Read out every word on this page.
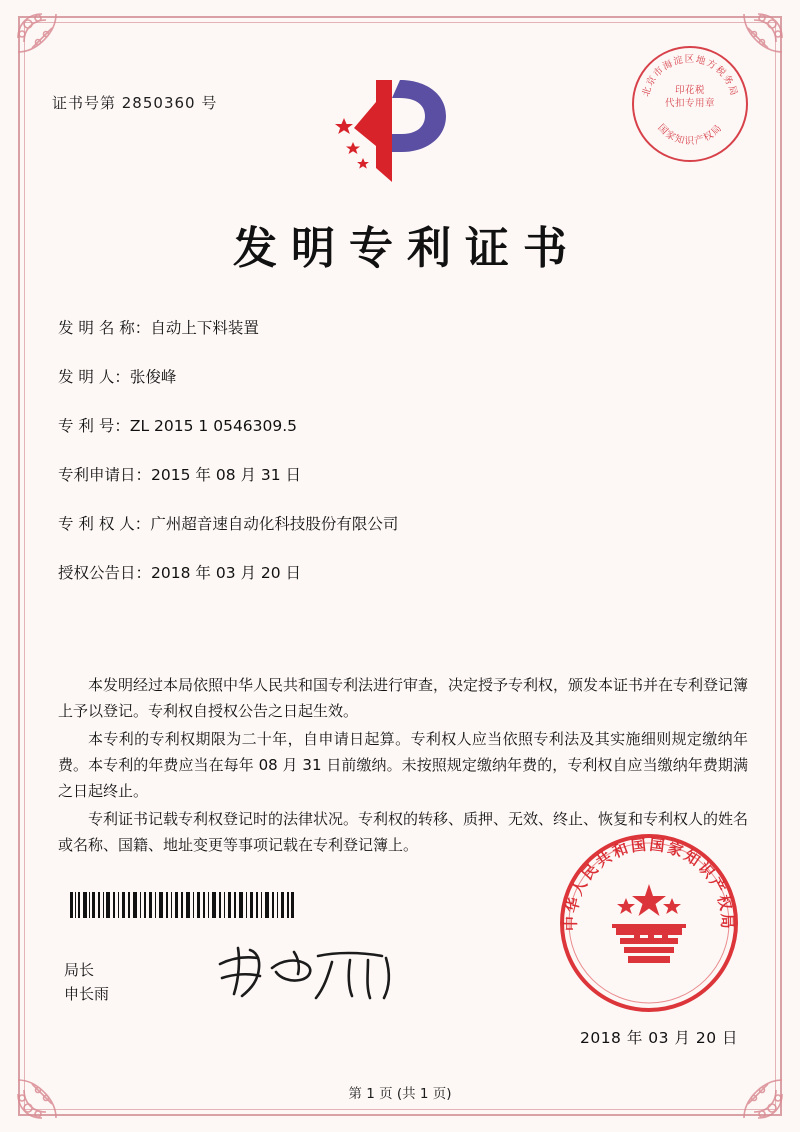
证书号第 2850360 号
北京市海淀区地方税务局
国家知识产权局
印花税
代扣专用章
发明专利证书
发 明 名 称：自动上下料装置
发 明 人：张俊峰
专 利 号：ZL 2015 1 0546309.5
专利申请日：2015 年 08 月 31 日
专 利 权 人：广州超音速自动化科技股份有限公司
授权公告日：2018 年 03 月 20 日

本发明经过本局依照中华人民共和国专利法进行审查，决定授予专利权，颁发本证书并在专利登记簿上予以登记。专利权自授权公告之日起生效。

本专利的专利权期限为二十年，自申请日起算。专利权人应当依照专利法及其实施细则规定缴纳年费。本专利的年费应当在每年 08 月 31 日前缴纳。未按照规定缴纳年费的，专利权自应当缴纳年费期满之日起终止。

专利证书记载专利权登记时的法律状况。专利权的转移、质押、无效、终止、恢复和专利权人的姓名或名称、国籍、地址变更等事项记载在专利登记簿上。

局长
申长雨
中华人民共和国国家知识产权局
2018 年 03 月 20 日
第 1 页 (共 1 页)
